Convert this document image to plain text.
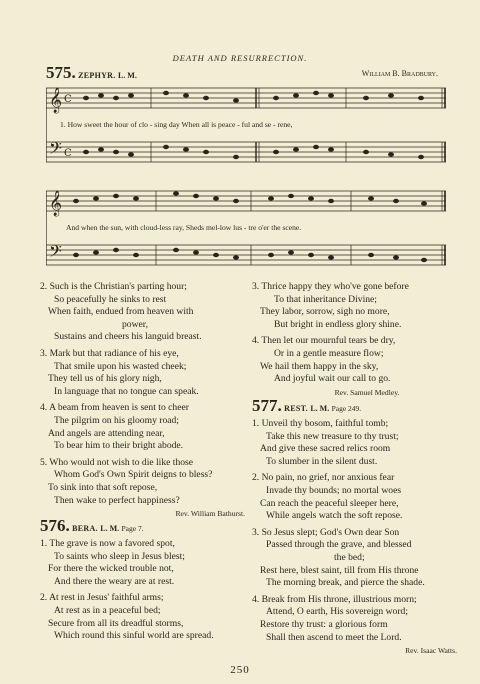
DEATH AND RESURRECTION.
575. ZEPHYR. L. M.	William B. Bradbury.
𝄞 C
𝄢 C
1. How sweet the hour of clo - sing day When all is peace - ful and se - rene,
𝄞
𝄢
And when the sun, with cloud-less ray, Sheds mel-low lus - tre o'er the scene.
2. Such is the Christian's parting hour;
So peacefully he sinks to rest
When faith, endued from heaven with
power,
Sustains and cheers his languid breast.
3. Mark but that radiance of his eye,
That smile upon his wasted cheek;
They tell us of his glory nigh,
In language that no tongue can speak.
4. A beam from heaven is sent to cheer
The pilgrim on his gloomy road;
And angels are attending near,
To bear him to their bright abode.
5. Who would not wish to die like those
Whom God's Own Spirit deigns to bless?
To sink into that soft repose,
Then wake to perfect happiness?
Rev. William Bathurst.
576. BERA. L. M. Page 7.
1. The grave is now a favored spot,
To saints who sleep in Jesus blest;
For there the wicked trouble not,
And there the weary are at rest.
2. At rest in Jesus' faithful arms;
At rest as in a peaceful bed;
Secure from all its dreadful storms,
Which round this sinful world are spread.
3. Thrice happy they who've gone before
To that inheritance Divine;
They labor, sorrow, sigh no more,
But bright in endless glory shine.
4. Then let our mournful tears be dry,
Or in a gentle measure flow;
We hail them happy in the sky,
And joyful wait our call to go.
Rev. Samuel Medley.
577. REST. L. M. Page 249.
1. Unveil thy bosom, faithful tomb;
Take this new treasure to thy trust;
And give these sacred relics room
To slumber in the silent dust.
2. No pain, no grief, nor anxious fear
Invade thy bounds; no mortal woes
Can reach the peaceful sleeper here,
While angels watch the soft repose.
3. So Jesus slept; God's Own dear Son
Passed through the grave, and blessed
the bed;
Rest here, blest saint, till from His throne
The morning break, and pierce the shade.
4. Break from His throne, illustrious morn;
Attend, O earth, His sovereign word;
Restore thy trust: a glorious form
Shall then ascend to meet the Lord.
Rev. Isaac Watts.
250
